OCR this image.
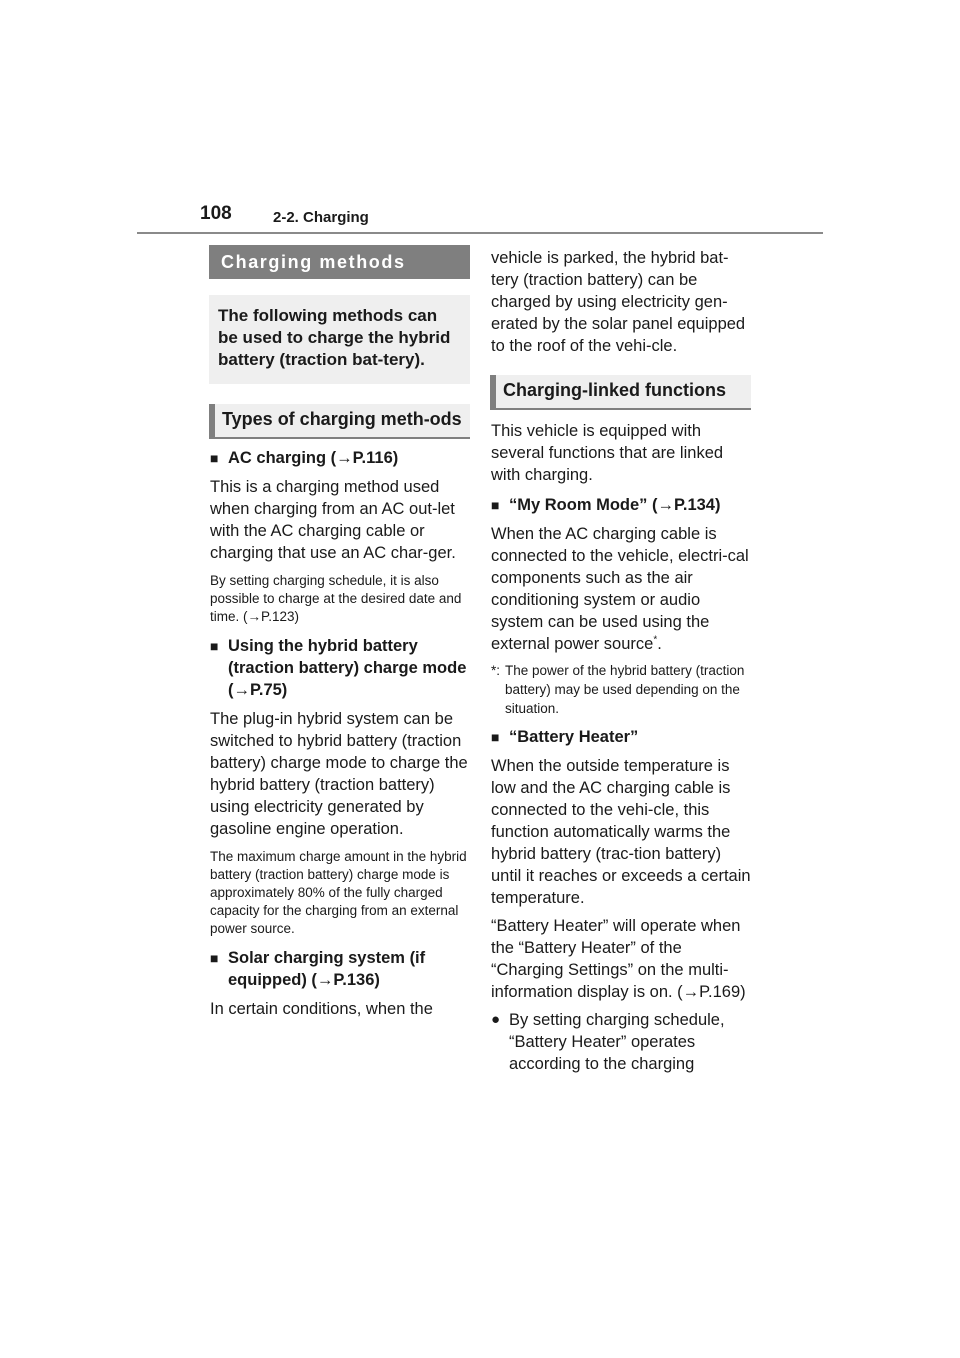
108	2-2. Charging
Charging methods
The following methods can be used to charge the hybrid battery (traction bat-tery).
Types of charging meth-ods
■ AC charging (→P.116)
This is a charging method used when charging from an AC out-let with the AC charging cable or charging that use an AC char-ger.
By setting charging schedule, it is also possible to charge at the desired date and time. (→P.123)
■ Using the hybrid battery (traction battery) charge mode (→P.75)
The plug-in hybrid system can be switched to hybrid battery (traction battery) charge mode to charge the hybrid battery (traction battery) using electricity generated by gasoline engine operation.
The maximum charge amount in the hybrid battery (traction battery) charge mode is approximately 80% of the fully charged capacity for the charging from an external power source.
■ Solar charging system (if equipped) (→P.136)
In certain conditions, when the
vehicle is parked, the hybrid bat-tery (traction battery) can be charged by using electricity gen-erated by the solar panel equipped to the roof of the vehi-cle.
Charging-linked functions
This vehicle is equipped with several functions that are linked with charging.
■ “My Room Mode” (→P.134)
When the AC charging cable is connected to the vehicle, electri-cal components such as the air conditioning system or audio system can be used using the external power source*.
*: The power of the hybrid battery (traction battery) may be used depending on the situation.
■ “Battery Heater”
When the outside temperature is low and the AC charging cable is connected to the vehi-cle, this function automatically warms the hybrid battery (trac-tion battery) until it reaches or exceeds a certain temperature.
“Battery Heater” will operate when the “Battery Heater” of the “Charging Settings” on the multi-information display is on. (→P.169)
● By setting charging schedule, “Battery Heater” operates according to the charging
